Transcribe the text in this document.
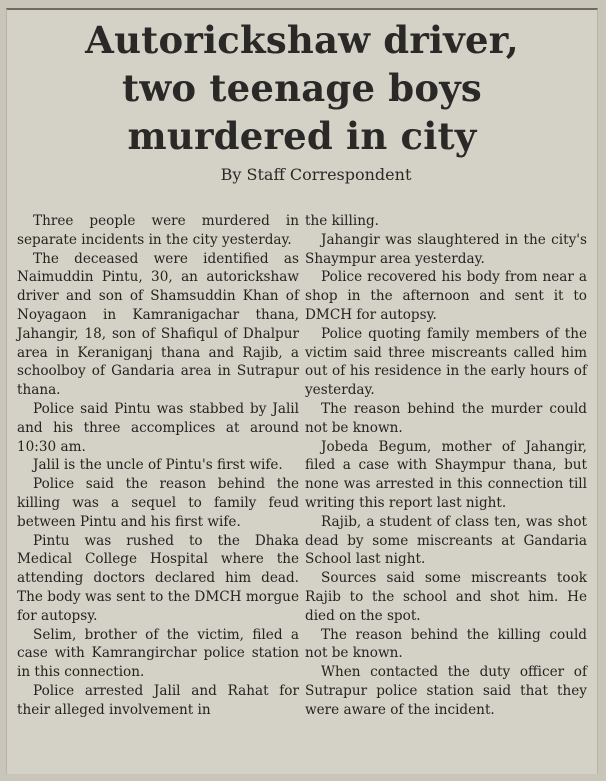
Autorickshaw driver,
two teenage boys
murdered in city
By Staff Correspondent

Three people were murdered in separate incidents in the city yesterday.

The deceased were identified as Naimuddin Pintu, 30, an autorickshaw driver and son of Shamsuddin Khan of Noyagaon in Kamranigachar thana, Jahangir, 18, son of Shafiqul of Dhalpur area in Keraniganj thana and Rajib, a schoolboy of Gandaria area in Sutrapur thana.

Police said Pintu was stabbed by Jalil and his three accomplices at around 10:30 am.

Jalil is the uncle of Pintu's first wife.

Police said the reason behind the killing was a sequel to family feud between Pintu and his first wife.

Pintu was rushed to the Dhaka Medical College Hospital where the attending doctors declared him dead. The body was sent to the DMCH morgue for autopsy.

Selim, brother of the victim, filed a case with Kamrangirchar police station in this connection.

Police arrested Jalil and Rahat for their alleged involvement in

the killing.

Jahangir was slaughtered in the city's Shaympur area yesterday.

Police recovered his body from near a shop in the afternoon and sent it to DMCH for autopsy.

Police quoting family members of the victim said three miscreants called him out of his residence in the early hours of yesterday.

The reason behind the murder could not be known.

Jobeda Begum, mother of Jahangir, filed a case with Shaympur thana, but none was arrested in this connection till writing this report last night.

Rajib, a student of class ten, was shot dead by some miscreants at Gandaria School last night.

Sources said some miscreants took Rajib to the school and shot him. He died on the spot.

The reason behind the killing could not be known.

When contacted the duty officer of Sutrapur police station said that they were aware of the incident.
